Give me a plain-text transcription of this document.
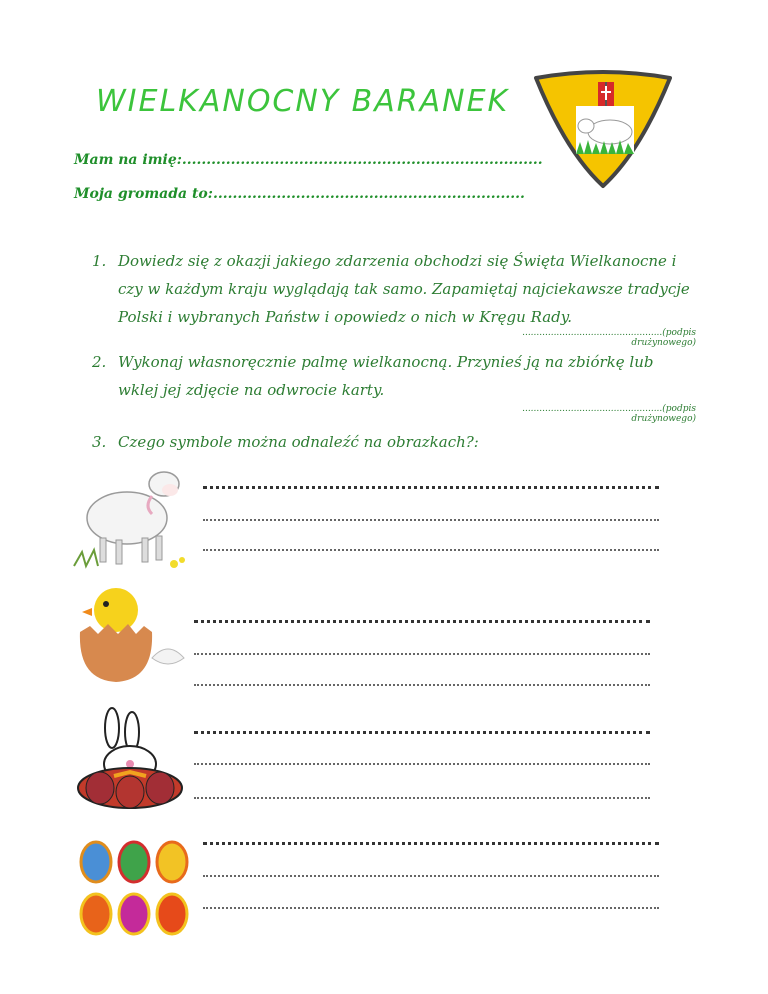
WIELKANOCNY BARANEK
Mam na imię:..........................................................................
Moja gromada to:................................................................
1. Dowiedz się z okazji jakiego zdarzenia obchodzi się Święta Wielkanocne i czy w każdym kraju wyglądają tak samo. Zapamiętaj najciekawsze tradycje Polski i wybranych Państw i opowiedz o nich w Kręgu Rady.
.................................................(podpis drużynowego)
2. Wykonaj własnoręcznie palmę wielkanocną. Przynieś ją na zbiórkę lub wklej jej zdjęcie na odwrocie karty.
.................................................(podpis drużynowego)
3. Czego symbole można odnaleźć na obrazkach?:
